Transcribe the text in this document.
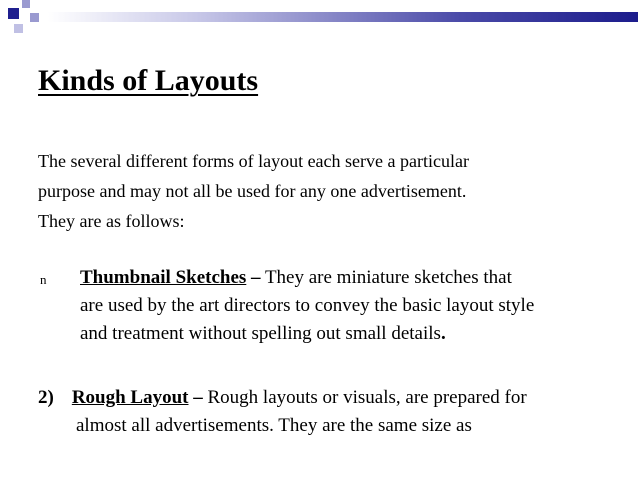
Kinds of Layouts

The several different forms of layout each serve a particular
purpose and may not all be used for any one advertisement.
They are as follows:

n Thumbnail Sketches – They are miniature sketches that
are used by the art directors to convey the basic layout style
and treatment without spelling out small details.

2) Rough Layout – Rough layouts or visuals, are prepared for
almost all advertisements. They are the same size as
